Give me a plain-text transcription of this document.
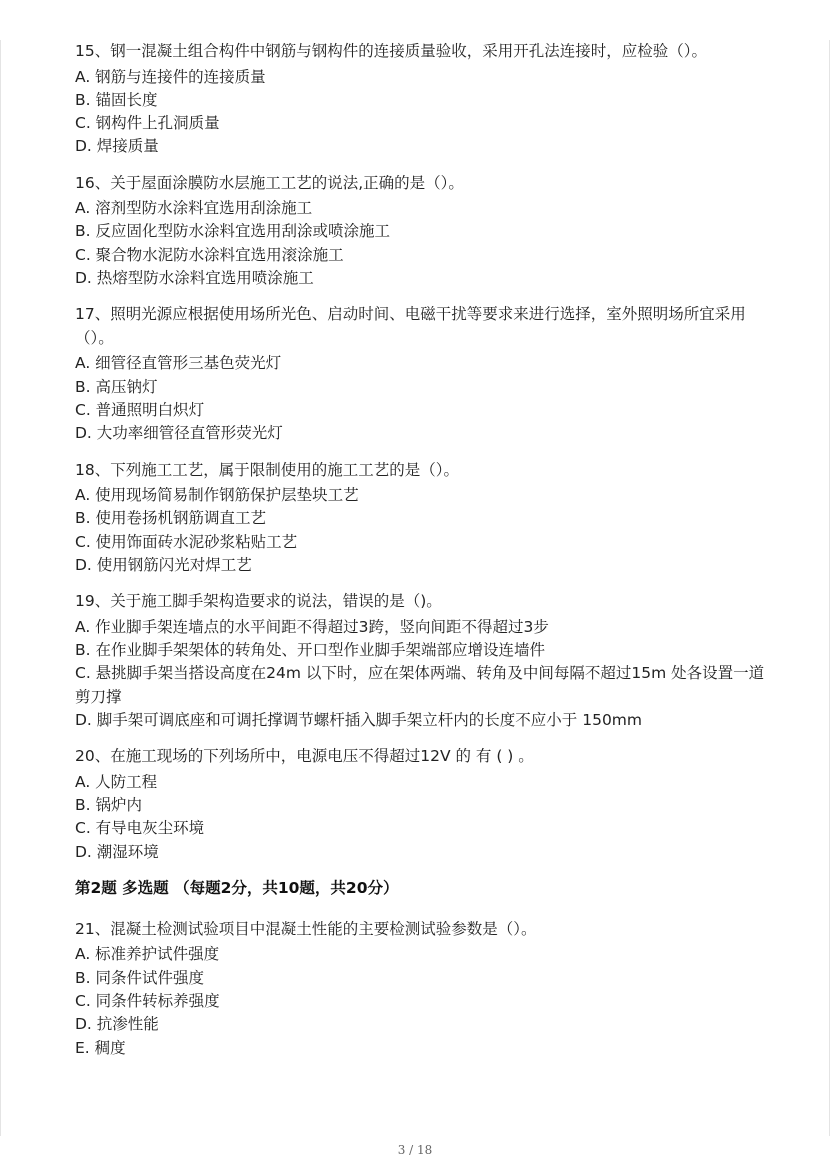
15、钢一混凝土组合构件中钢筋与钢构件的连接质量验收，采用开孔法连接时，应检验（）。
A. 钢筋与连接件的连接质量
B. 锚固长度
C. 钢构件上孔洞质量
D. 焊接质量
16、关于屋面涂膜防水层施工工艺的说法,正确的是（）。
A. 溶剂型防水涂料宜选用刮涂施工
B. 反应固化型防水涂料宜选用刮涂或喷涂施工
C. 聚合物水泥防水涂料宜选用滚涂施工
D. 热熔型防水涂料宜选用喷涂施工
17、照明光源应根据使用场所光色、启动时间、电磁干扰等要求来进行选择，室外照明场所宜采用（）。
A. 细管径直管形三基色荧光灯
B. 高压钠灯
C. 普通照明白炽灯
D. 大功率细管径直管形荧光灯
18、下列施工工艺，属于限制使用的施工工艺的是（）。
A. 使用现场简易制作钢筋保护层垫块工艺
B. 使用卷扬机钢筋调直工艺
C. 使用饰面砖水泥砂浆粘贴工艺
D. 使用钢筋闪光对焊工艺
19、关于施工脚手架构造要求的说法，错误的是（)。
A. 作业脚手架连墙点的水平间距不得超过3跨，竖向间距不得超过3步
B. 在作业脚手架架体的转角处、开口型作业脚手架端部应增设连墙件
C. 悬挑脚手架当搭设高度在24m 以下时，应在架体两端、转角及中间每隔不超过15m 处各设置一道剪刀撑
D. 脚手架可调底座和可调托撑调节螺杆插入脚手架立杆内的长度不应小于 150mm
20、在施工现场的下列场所中，电源电压不得超过12V 的 有 ( ) 。
A. 人防工程
B. 锅炉内
C. 有导电灰尘环境
D. 潮湿环境
第2题 多选题 （每题2分，共10题，共20分）
21、混凝土检测试验项目中混凝土性能的主要检测试验参数是（）。
A. 标准养护试件强度
B. 同条件试件强度
C. 同条件转标养强度
D. 抗渗性能
E. 稠度
3 / 18
